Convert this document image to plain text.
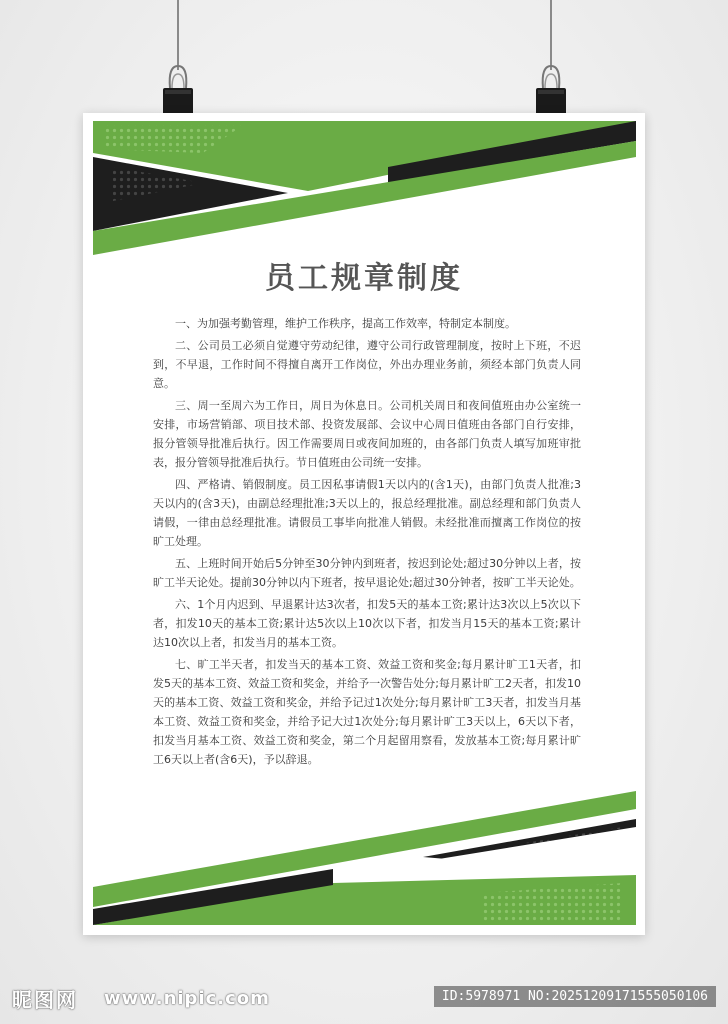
员工规章制度

一、为加强考勤管理，维护工作秩序，提高工作效率，特制定本制度。

二、公司员工必须自觉遵守劳动纪律，遵守公司行政管理制度，按时上下班，不迟到，不早退，工作时间不得擅自离开工作岗位，外出办理业务前，须经本部门负责人同意。

三、周一至周六为工作日，周日为休息日。公司机关周日和夜间值班由办公室统一安排，市场营销部、项目技术部、投资发展部、会议中心周日值班由各部门自行安排，报分管领导批准后执行。因工作需要周日或夜间加班的，由各部门负责人填写加班审批表，报分管领导批准后执行。节日值班由公司统一安排。

四、严格请、销假制度。员工因私事请假1天以内的(含1天)，由部门负责人批准;3天以内的(含3天)，由副总经理批准;3天以上的，报总经理批准。副总经理和部门负责人请假，一律由总经理批准。请假员工事毕向批准人销假。未经批准而擅离工作岗位的按旷工处理。

五、上班时间开始后5分钟至30分钟内到班者，按迟到论处;超过30分钟以上者，按旷工半天论处。提前30分钟以内下班者，按早退论处;超过30分钟者，按旷工半天论处。

六、1个月内迟到、早退累计达3次者，扣发5天的基本工资;累计达3次以上5次以下者，扣发10天的基本工资;累计达5次以上10次以下者，扣发当月15天的基本工资;累计达10次以上者，扣发当月的基本工资。

七、旷工半天者，扣发当天的基本工资、效益工资和奖金;每月累计旷工1天者，扣发5天的基本工资、效益工资和奖金，并给予一次警告处分;每月累计旷工2天者，扣发10天的基本工资、效益工资和奖金，并给予记过1次处分;每月累计旷工3天者，扣发当月基本工资、效益工资和奖金，并给予记大过1次处分;每月累计旷工3天以上，6天以下者，扣发当月基本工资、效益工资和奖金，第二个月起留用察看，发放基本工资;每月累计旷工6天以上者(含6天)，予以辞退。

昵图网 www.nipic.com	ID:5978971 NO:20251209171555050106
